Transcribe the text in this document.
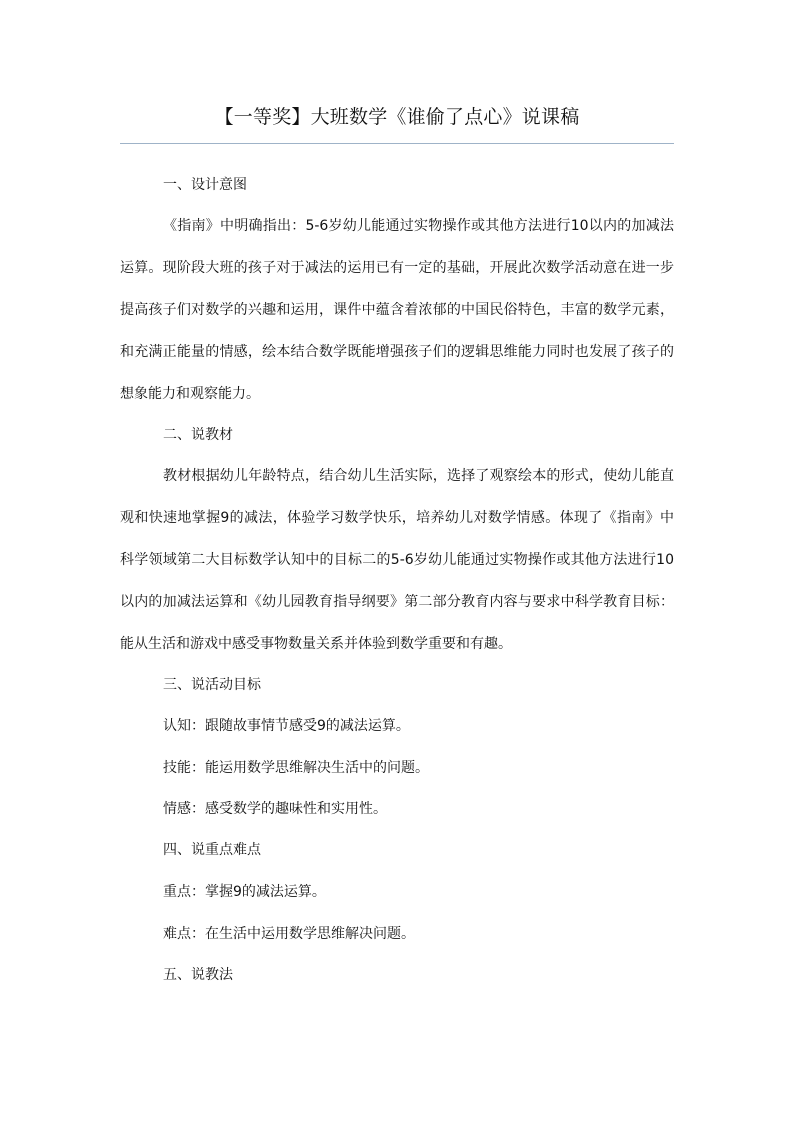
【一等奖】大班数学《谁偷了点心》说课稿
一、设计意图
《指南》中明确指出：5-6岁幼儿能通过实物操作或其他方法进行10以内的加减法运算。现阶段大班的孩子对于减法的运用已有一定的基础，开展此次数学活动意在进一步提高孩子们对数学的兴趣和运用，课件中蕴含着浓郁的中国民俗特色，丰富的数学元素，和充满正能量的情感，绘本结合数学既能增强孩子们的逻辑思维能力同时也发展了孩子的想象能力和观察能力。
二、说教材
教材根据幼儿年龄特点，结合幼儿生活实际，选择了观察绘本的形式，使幼儿能直观和快速地掌握9的减法，体验学习数学快乐，培养幼儿对数学情感。体现了《指南》中科学领域第二大目标数学认知中的目标二的5-6岁幼儿能通过实物操作或其他方法进行10以内的加减法运算和《幼儿园教育指导纲要》第二部分教育内容与要求中科学教育目标：能从生活和游戏中感受事物数量关系并体验到数学重要和有趣。
三、说活动目标
认知：跟随故事情节感受9的减法运算。
技能：能运用数学思维解决生活中的问题。
情感：感受数学的趣味性和实用性。
四、说重点难点
重点：掌握9的减法运算。
难点：在生活中运用数学思维解决问题。
五、说教法
